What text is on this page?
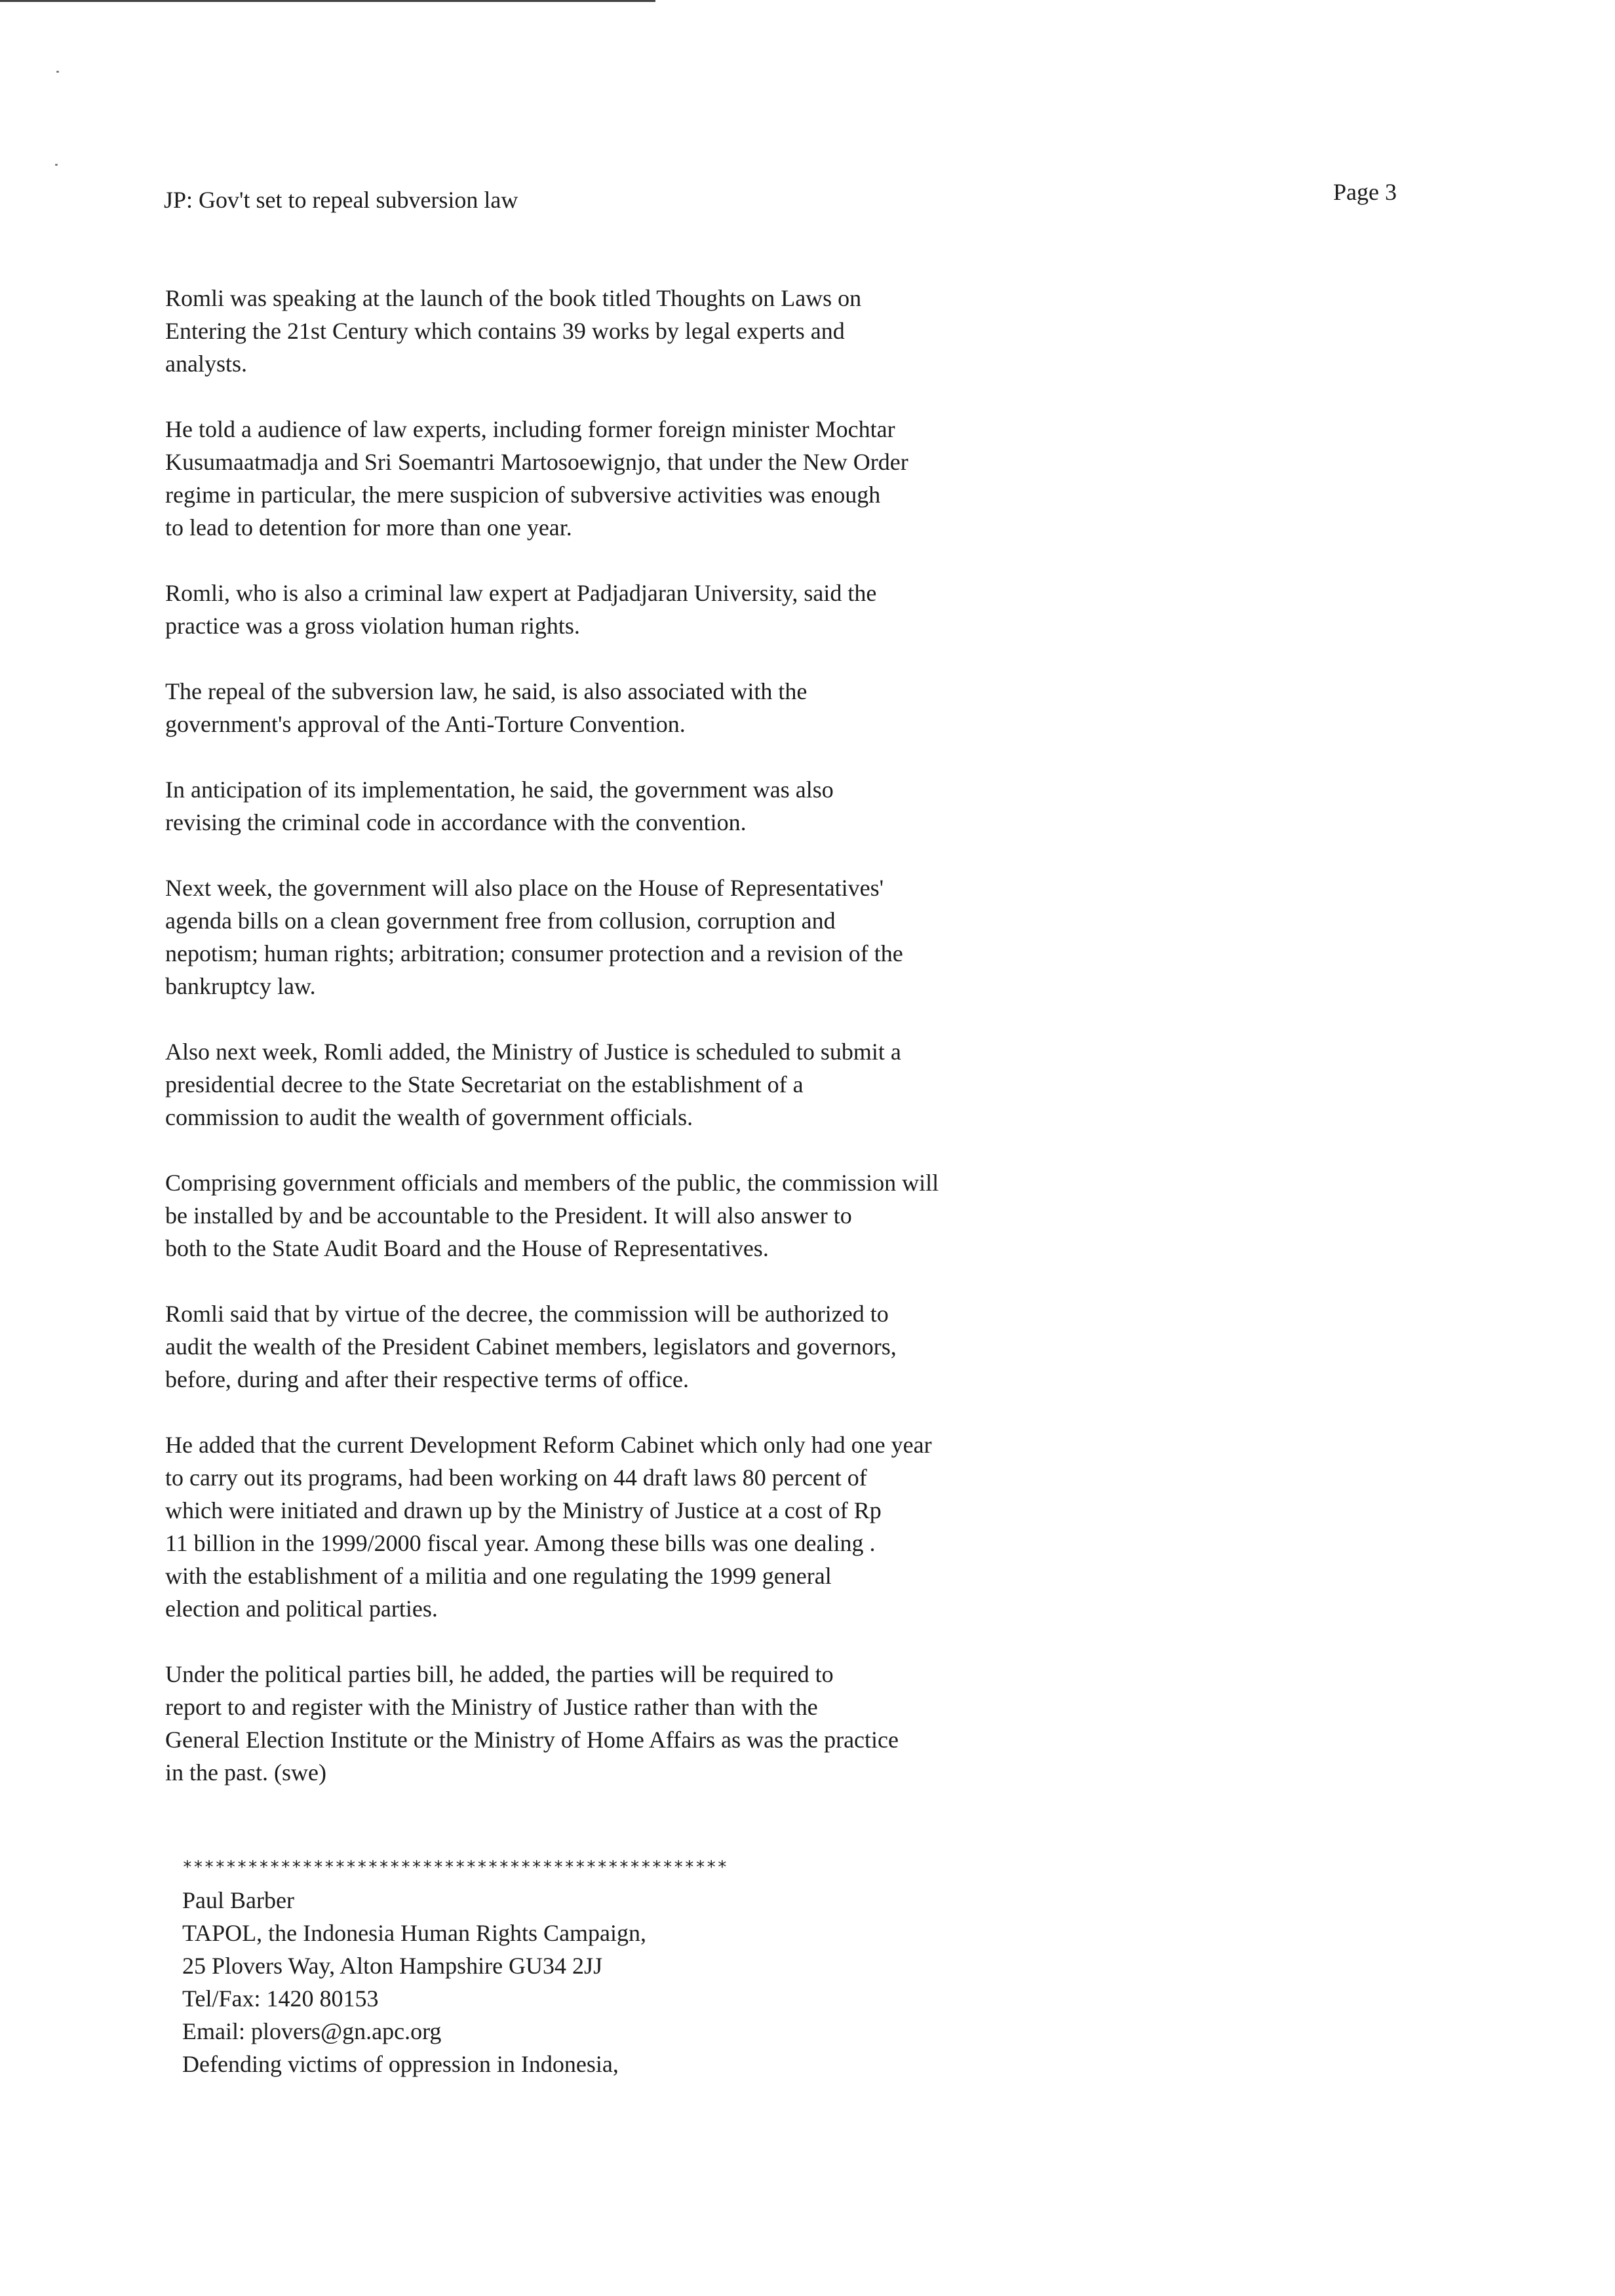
JP: Gov't set to repeal subversion law	Page 3
Romli was speaking at the launch of the book titled Thoughts on Laws on
Entering the 21st Century which contains 39 works by legal experts and
analysts.
He told a audience of law experts, including former foreign minister Mochtar
Kusumaatmadja and Sri Soemantri Martosoewignjo, that under the New Order
regime in particular, the mere suspicion of subversive activities was enough
to lead to detention for more than one year.
Romli, who is also a criminal law expert at Padjadjaran University, said the
practice was a gross violation human rights.
The repeal of the subversion law, he said, is also associated with the
government's approval of the Anti-Torture Convention.
In anticipation of its implementation, he said, the government was also
revising the criminal code in accordance with the convention.
Next week, the government will also place on the House of Representatives'
agenda bills on a clean government free from collusion, corruption and
nepotism; human rights; arbitration; consumer protection and a revision of the
bankruptcy law.
Also next week, Romli added, the Ministry of Justice is scheduled to submit a
presidential decree to the State Secretariat on the establishment of a
commission to audit the wealth of government officials.
Comprising government officials and members of the public, the commission will
be installed by and be accountable to the President. It will also answer to
both to the State Audit Board and the House of Representatives.
Romli said that by virtue of the decree, the commission will be authorized to
audit the wealth of the President Cabinet members, legislators and governors,
before, during and after their respective terms of office.
He added that the current Development Reform Cabinet which only had one year
to carry out its programs, had been working on 44 draft laws 80 percent of
which were initiated and drawn up by the Ministry of Justice at a cost of Rp
11 billion in the 1999/2000 fiscal year. Among these bills was one dealing .
with the establishment of a militia and one regulating the 1999 general
election and political parties.
Under the political parties bill, he added, the parties will be required to
report to and register with the Ministry of Justice rather than with the
General Election Institute or the Ministry of Home Affairs as was the practice
in the past. (swe)
**************************************************
Paul Barber
TAPOL, the Indonesia Human Rights Campaign,
25 Plovers Way, Alton Hampshire GU34 2JJ
Tel/Fax: 1420 80153
Email: plovers@gn.apc.org
Defending victims of oppression in Indonesia,
